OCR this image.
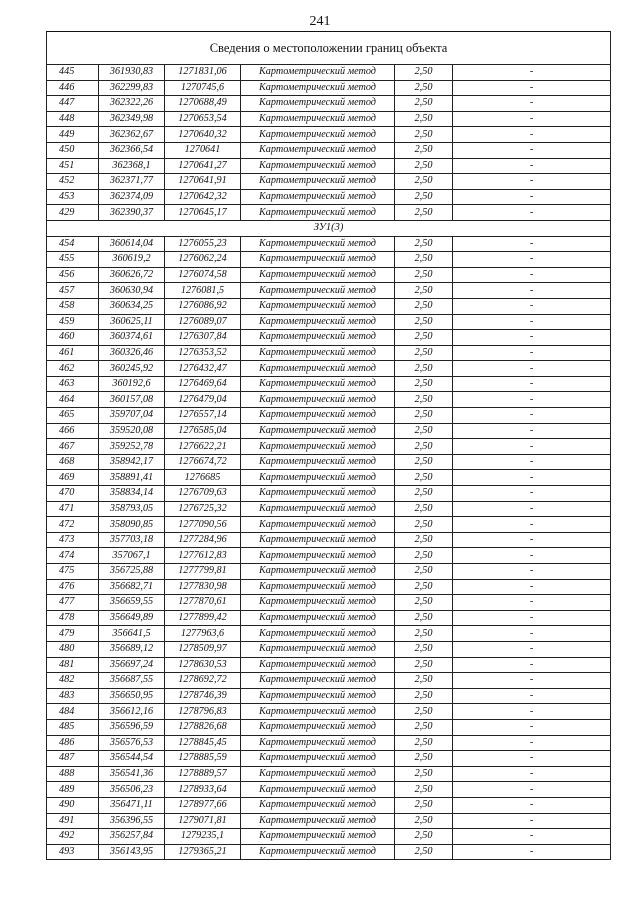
241
Сведения о местоположении границ объекта					
445	361930,83	1271831,06	Картометрический метод	2,50	-
446	362299,83	1270745,6	Картометрический метод	2,50	-
447	362322,26	1270688,49	Картометрический метод	2,50	-
448	362349,98	1270653,54	Картометрический метод	2,50	-
449	362362,67	1270640,32	Картометрический метод	2,50	-
450	362366,54	1270641	Картометрический метод	2,50	-
451	362368,1	1270641,27	Картометрический метод	2,50	-
452	362371,77	1270641,91	Картометрический метод	2,50	-
453	362374,09	1270642,32	Картометрический метод	2,50	-
429	362390,37	1270645,17	Картометрический метод	2,50	-
ЗУ1(3)					
454	360614,04	1276055,23	Картометрический метод	2,50	-
455	360619,2	1276062,24	Картометрический метод	2,50	-
456	360626,72	1276074,58	Картометрический метод	2,50	-
457	360630,94	1276081,5	Картометрический метод	2,50	-
458	360634,25	1276086,92	Картометрический метод	2,50	-
459	360625,11	1276089,07	Картометрический метод	2,50	-
460	360374,61	1276307,84	Картометрический метод	2,50	-
461	360326,46	1276353,52	Картометрический метод	2,50	-
462	360245,92	1276432,47	Картометрический метод	2,50	-
463	360192,6	1276469,64	Картометрический метод	2,50	-
464	360157,08	1276479,04	Картометрический метод	2,50	-
465	359707,04	1276557,14	Картометрический метод	2,50	-
466	359520,08	1276585,04	Картометрический метод	2,50	-
467	359252,78	1276622,21	Картометрический метод	2,50	-
468	358942,17	1276674,72	Картометрический метод	2,50	-
469	358891,41	1276685	Картометрический метод	2,50	-
470	358834,14	1276709,63	Картометрический метод	2,50	-
471	358793,05	1276725,32	Картометрический метод	2,50	-
472	358090,85	1277090,56	Картометрический метод	2,50	-
473	357703,18	1277284,96	Картометрический метод	2,50	-
474	357067,1	1277612,83	Картометрический метод	2,50	-
475	356725,88	1277799,81	Картометрический метод	2,50	-
476	356682,71	1277830,98	Картометрический метод	2,50	-
477	356659,55	1277870,61	Картометрический метод	2,50	-
478	356649,89	1277899,42	Картометрический метод	2,50	-
479	356641,5	1277963,6	Картометрический метод	2,50	-
480	356689,12	1278509,97	Картометрический метод	2,50	-
481	356697,24	1278630,53	Картометрический метод	2,50	-
482	356687,55	1278692,72	Картометрический метод	2,50	-
483	356650,95	1278746,39	Картометрический метод	2,50	-
484	356612,16	1278796,83	Картометрический метод	2,50	-
485	356596,59	1278826,68	Картометрический метод	2,50	-
486	356576,53	1278845,45	Картометрический метод	2,50	-
487	356544,54	1278885,59	Картометрический метод	2,50	-
488	356541,36	1278889,57	Картометрический метод	2,50	-
489	356506,23	1278933,64	Картометрический метод	2,50	-
490	356471,11	1278977,66	Картометрический метод	2,50	-
491	356396,55	1279071,81	Картометрический метод	2,50	-
492	356257,84	1279235,1	Картометрический метод	2,50	-
493	356143,95	1279365,21	Картометрический метод	2,50	-
